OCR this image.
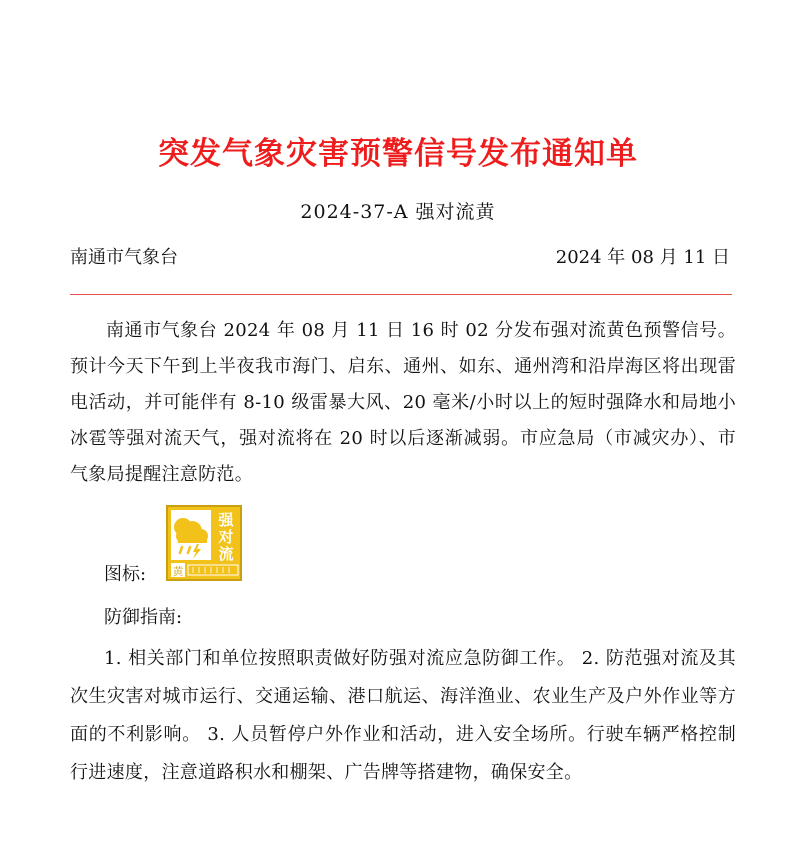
突发气象灾害预警信号发布通知单
2024-37-A 强对流黄
南通市气象台	2024 年 08 月 11 日

南通市气象台 2024 年 08 月 11 日 16 时 02 分发布强对流黄色预警信号。预计今天下午到上半夜我市海门、启东、通州、如东、通州湾和沿岸海区将出现雷电活动，并可能伴有 8-10 级雷暴大风、20 毫米/小时以上的短时强降水和局地小冰雹等强对流天气，强对流将在 20 时以后逐渐减弱。市应急局（市减灾办）、市气象局提醒注意防范。

图标:
强
对
流
黄
防御指南:

1. 相关部门和单位按照职责做好防强对流应急防御工作。 2. 防范强对流及其次生灾害对城市运行、交通运输、港口航运、海洋渔业、农业生产及户外作业等方面的不利影响。 3. 人员暂停户外作业和活动，进入安全场所。行驶车辆严格控制行进速度，注意道路积水和棚架、广告牌等搭建物，确保安全。
